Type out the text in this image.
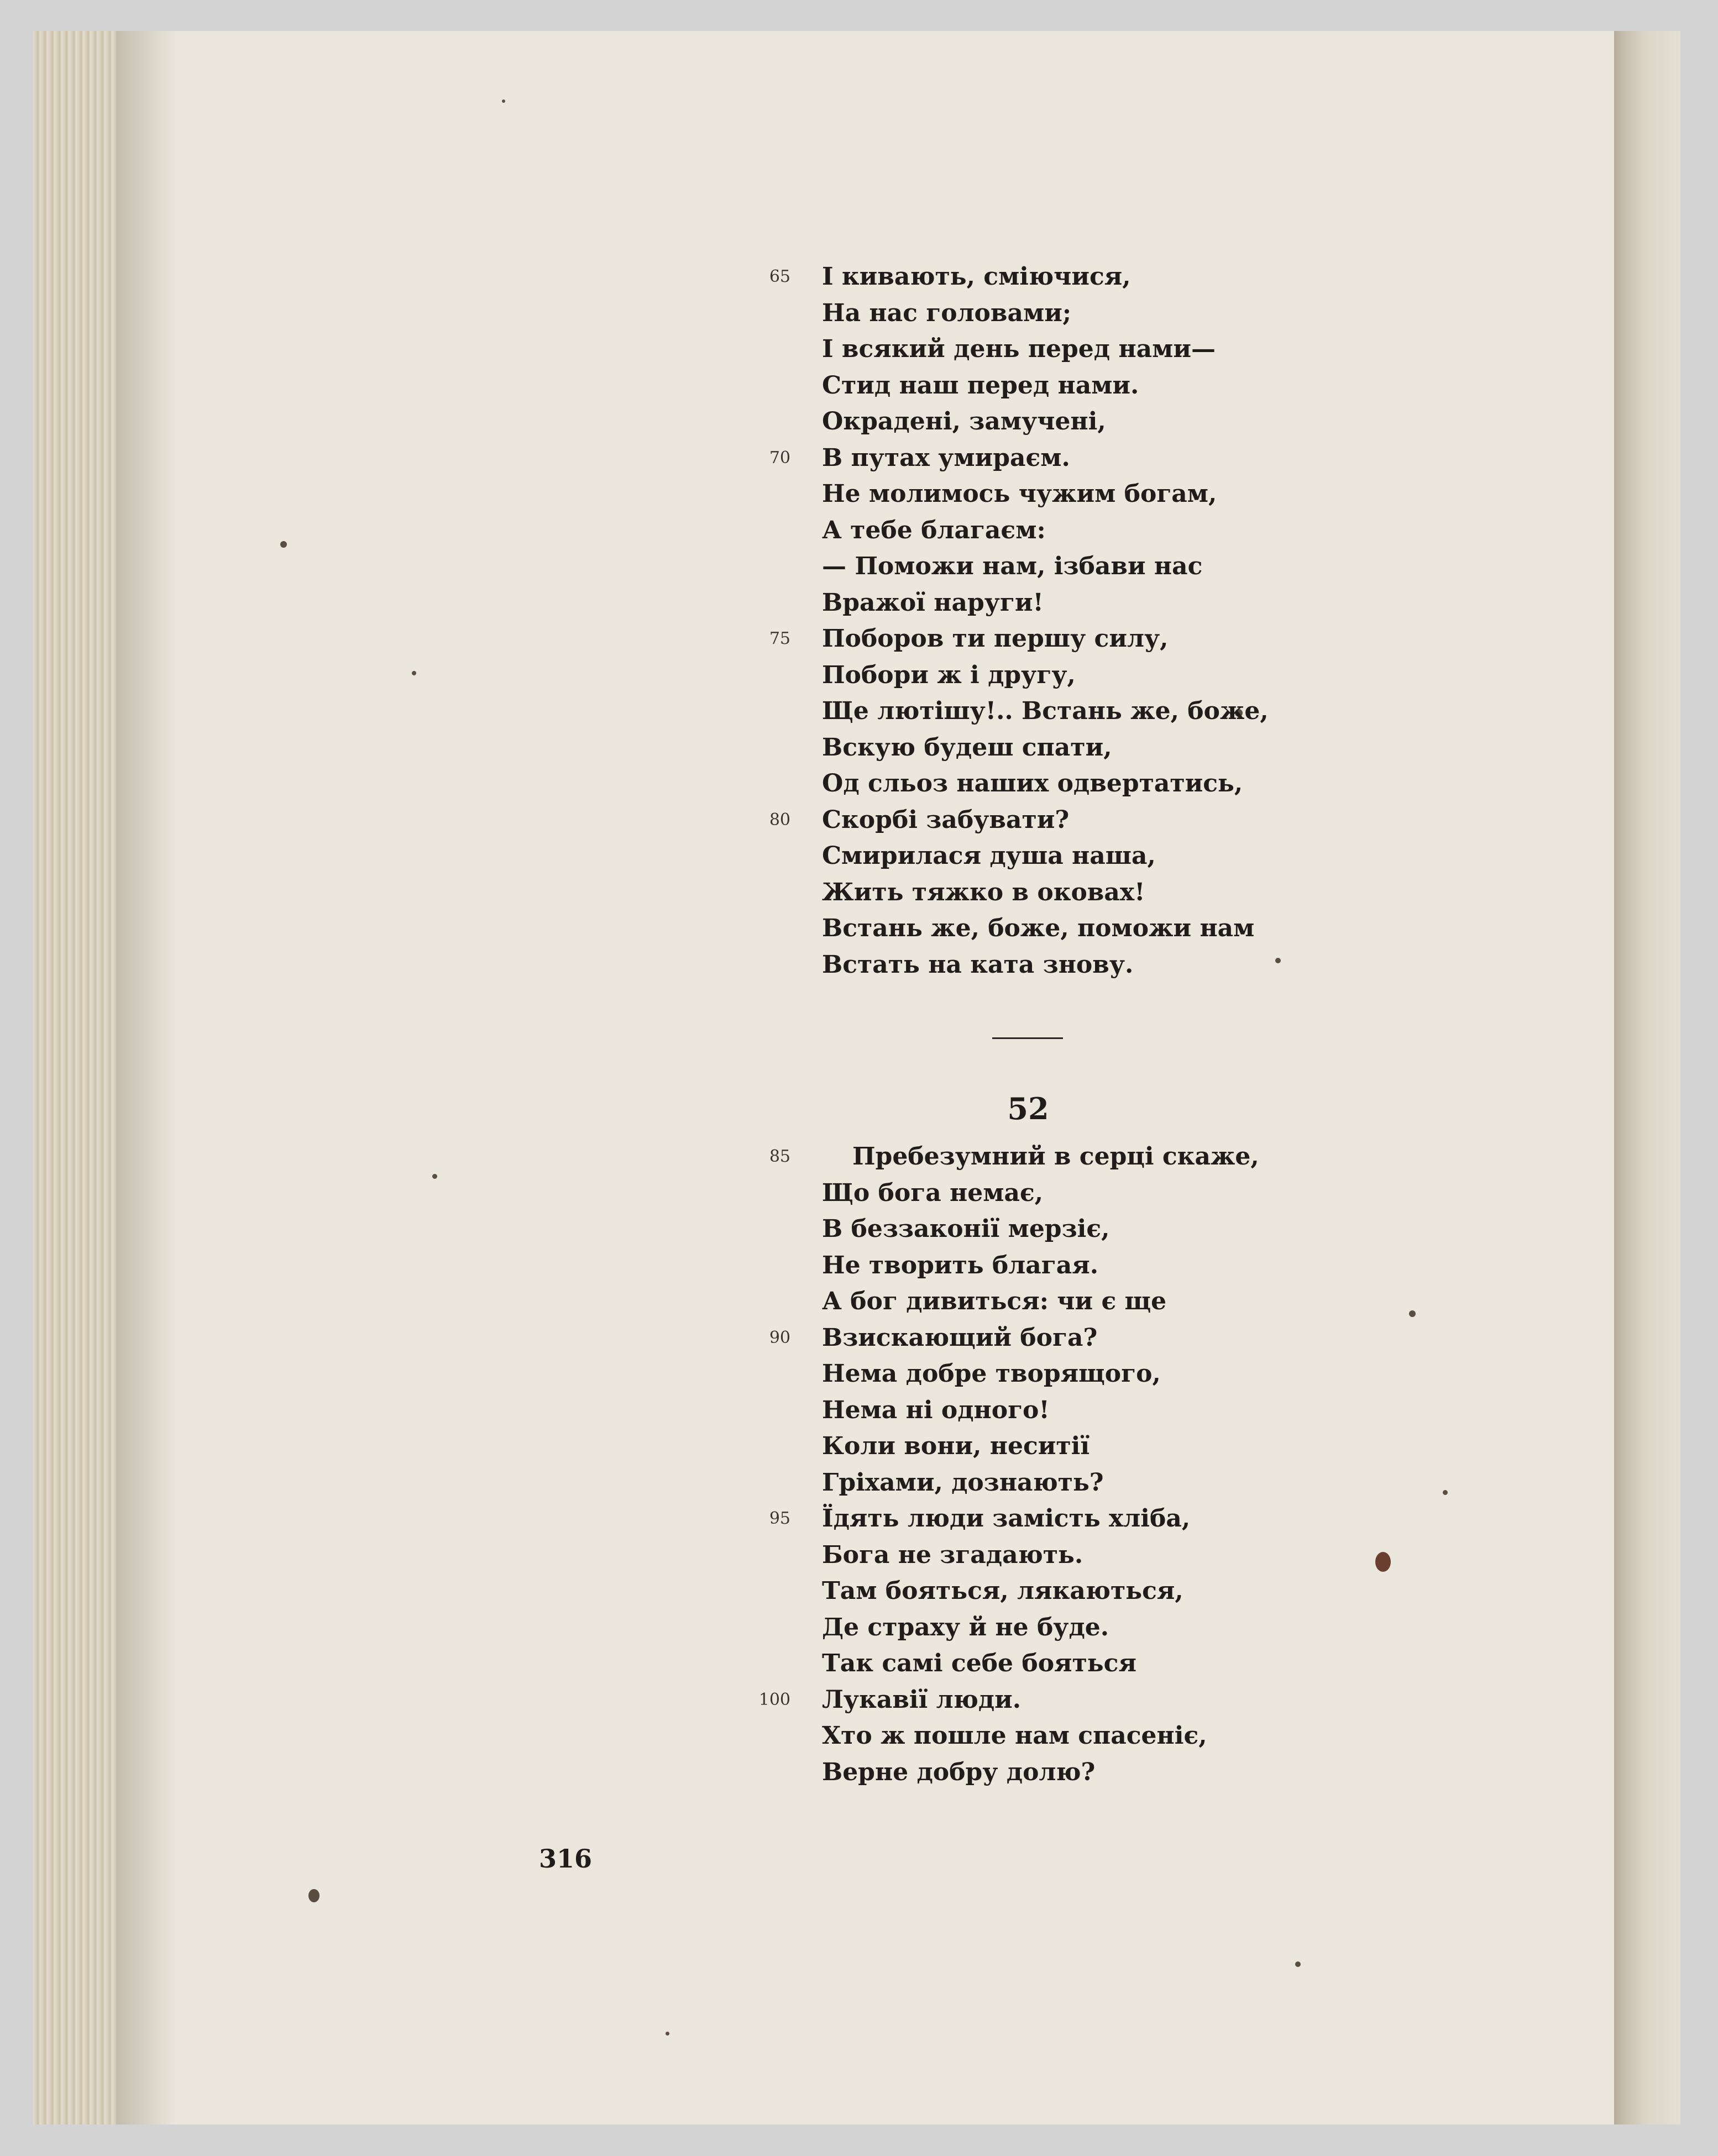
І кивають, сміючися,
На нас головами;
І всякий день перед нами—
Стид наш перед нами.
Окрадені, замучені,
В путах умираєм.
Не молимось чужим богам,
А тебе благаєм:
— Поможи нам, ізбави нас
Вражої наруги!
Поборов ти першу силу,
Побори ж і другу,
Ще лютішу!.. Встань же, боже,
Вскую будеш спати,
Од сльоз наших одвертатись,
Скорбі забувати?
Смирилася душа наша,
Жить тяжко в оковах!
Встань же, боже, поможи нам
Встать на ката знову.
65
70
75
80
52
Пребезумний в серці скаже,
Що бога немає,
В беззаконії мерзіє,
Не творить благая.
А бог дивиться: чи є ще
Взискающий бога?
Нема добре творящого,
Нема ні одного!
Коли вони, неситії
Гріхами, дознають?
Їдять люди замість хліба,
Бога не згадають.
Там бояться, лякаються,
Де страху й не буде.
Так самі себе бояться
Лукавії люди.
Хто ж пошле нам спасеніє,
Верне добру долю?
85
90
95
100
316
